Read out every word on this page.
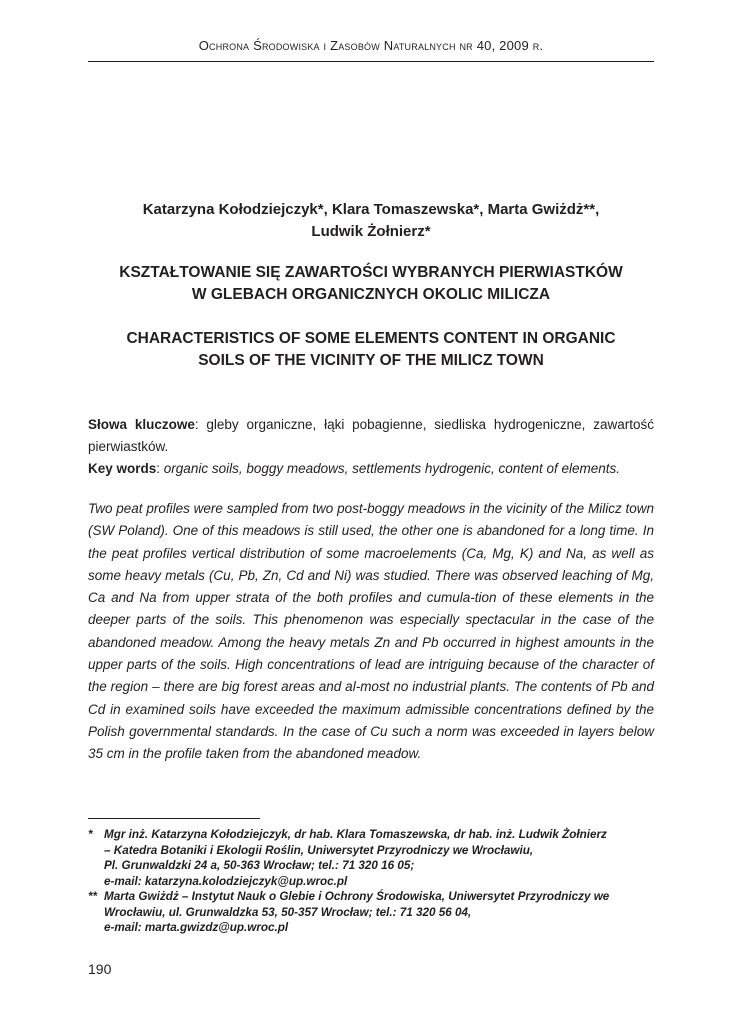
Ochrona Środowiska i Zasobów Naturalnych nr 40, 2009 r.
Katarzyna Kołodziejczyk*, Klara Tomaszewska*, Marta Gwiżdż**,
Ludwik Żołnierz*
KSZTAŁTOWANIE SIĘ ZAWARTOŚCI WYBRANYCH PIERWIASTKÓW
W GLEBACH ORGANICZNYCH OKOLIC MILICZA
CHARACTERISTICS OF SOME ELEMENTS CONTENT IN ORGANIC
SOILS OF THE VICINITY OF THE MILICZ TOWN

Słowa kluczowe: gleby organiczne, łąki pobagienne, siedliska hydrogeniczne, zawartość pierwiastków.

Key words: organic soils, boggy meadows, settlements hydrogenic, content of elements.

Two peat profiles were sampled from two post-boggy meadows in the vicinity of the Milicz town (SW Poland). One of this meadows is still used, the other one is abandoned for a long time. In the peat profiles vertical distribution of some macroelements (Ca, Mg, K) and Na, as well as some heavy metals (Cu, Pb, Zn, Cd and Ni) was studied. There was observed leaching of Mg, Ca and Na from upper strata of the both profiles and cumula-tion of these elements in the deeper parts of the soils. This phenomenon was especially spectacular in the case of the abandoned meadow. Among the heavy metals Zn and Pb occurred in highest amounts in the upper parts of the soils. High concentrations of lead are intriguing because of the character of the region – there are big forest areas and al-most no industrial plants. The contents of Pb and Cd in examined soils have exceeded the maximum admissible concentrations defined by the Polish governmental standards. In the case of Cu such a norm was exceeded in layers below 35 cm in the profile taken from the abandoned meadow.

* Mgr inż. Katarzyna Kołodziejczyk, dr hab. Klara Tomaszewska, dr hab. inż. Ludwik Żołnierz
– Katedra Botaniki i Ekologii Roślin, Uniwersytet Przyrodniczy we Wrocławiu,
Pl. Grunwaldzki 24 a, 50-363 Wrocław; tel.: 71 320 16 05;
e-mail: katarzyna.kolodziejczyk@up.wroc.pl
** Marta Gwiżdż – Instytut Nauk o Glebie i Ochrony Środowiska, Uniwersytet Przyrodniczy we
Wrocławiu, ul. Grunwaldzka 53, 50-357 Wrocław; tel.: 71 320 56 04,
e-mail: marta.gwizdz@up.wroc.pl
190
